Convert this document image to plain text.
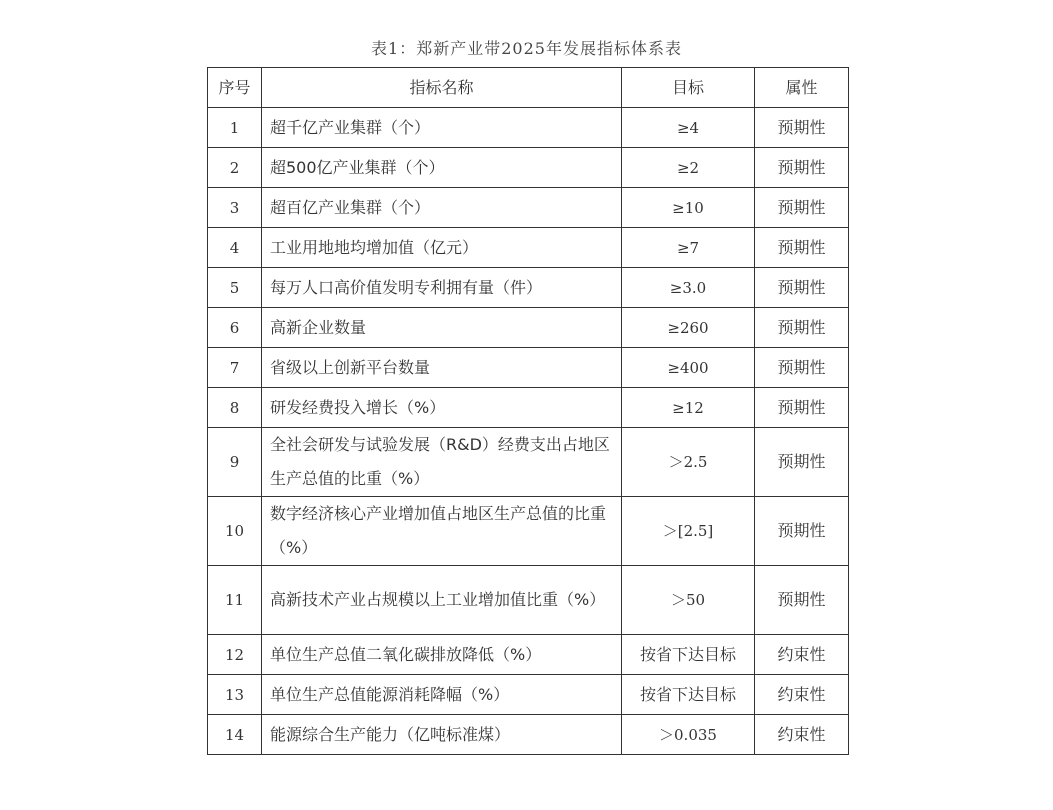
表1：郑新产业带2025年发展指标体系表
序号	指标名称	目标	属性
1	超千亿产业集群（个）	≥4	预期性
2	超500亿产业集群（个）	≥2	预期性
3	超百亿产业集群（个）	≥10	预期性
4	工业用地地均增加值（亿元）	≥7	预期性
5	每万人口高价值发明专利拥有量（件）	≥3.0	预期性
6	高新企业数量	≥260	预期性
7	省级以上创新平台数量	≥400	预期性
8	研发经费投入增长（%）	≥12	预期性
9	全社会研发与试验发展（R&D）经费支出占地区生产总值的比重（%）	＞2.5	预期性
10	数字经济核心产业增加值占地区生产总值的比重（%）	＞[2.5]	预期性
11	高新技术产业占规模以上工业增加值比重（%）	＞50	预期性
12	单位生产总值二氧化碳排放降低（%）	按省下达目标	约束性
13	单位生产总值能源消耗降幅（%）	按省下达目标	约束性
14	能源综合生产能力（亿吨标准煤）	＞0.035	约束性
